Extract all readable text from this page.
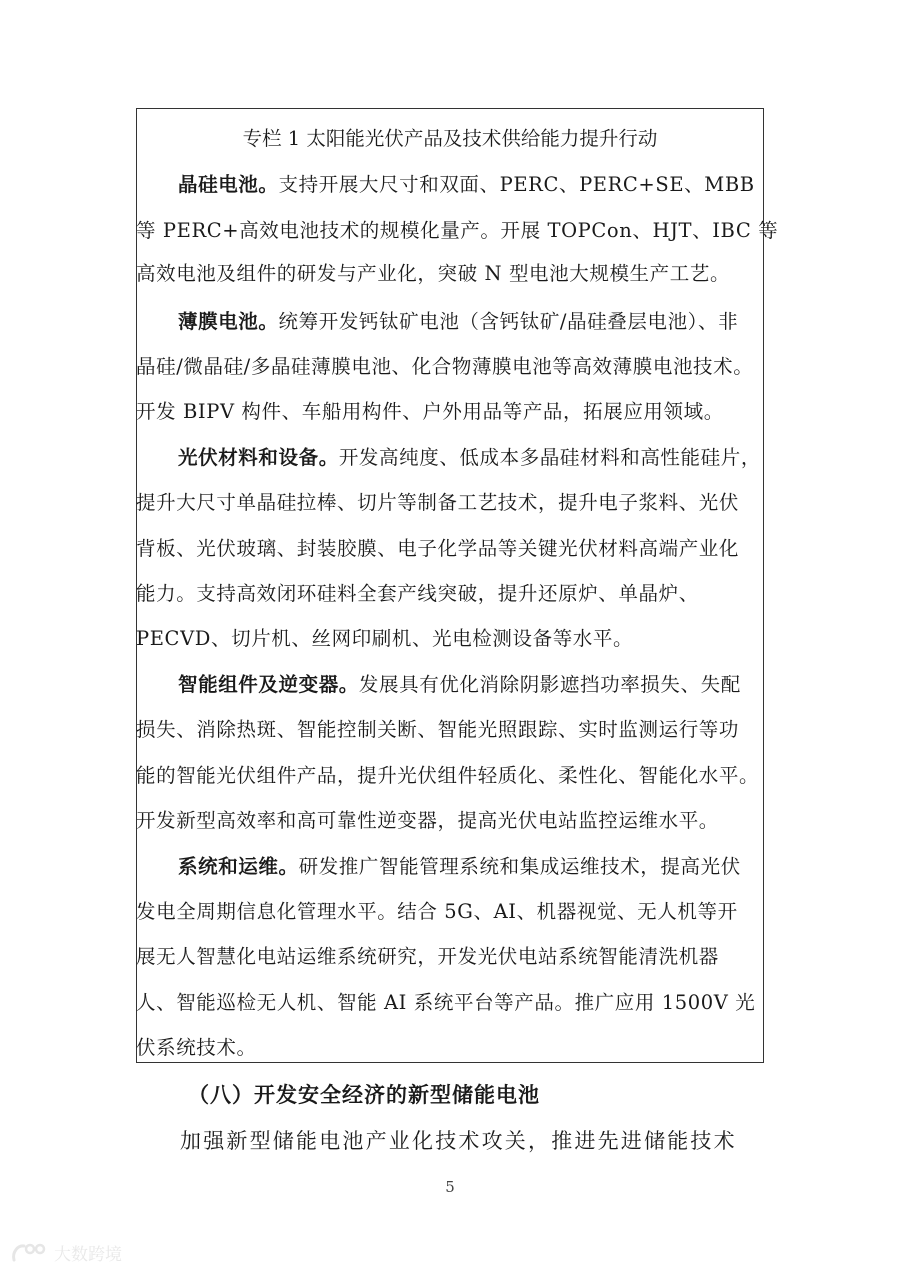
专栏 1 太阳能光伏产品及技术供给能力提升行动
晶硅电池。支持开展大尺寸和双面、PERC、PERC+SE、MBB
等 PERC+高效电池技术的规模化量产。开展 TOPCon、HJT、IBC 等
高效电池及组件的研发与产业化，突破 N 型电池大规模生产工艺。
薄膜电池。统筹开发钙钛矿电池（含钙钛矿/晶硅叠层电池）、非
晶硅/微晶硅/多晶硅薄膜电池、化合物薄膜电池等高效薄膜电池技术。
开发 BIPV 构件、车船用构件、户外用品等产品，拓展应用领域。
光伏材料和设备。开发高纯度、低成本多晶硅材料和高性能硅片，
提升大尺寸单晶硅拉棒、切片等制备工艺技术，提升电子浆料、光伏
背板、光伏玻璃、封装胶膜、电子化学品等关键光伏材料高端产业化
能力。支持高效闭环硅料全套产线突破，提升还原炉、单晶炉、
PECVD、切片机、丝网印刷机、光电检测设备等水平。
智能组件及逆变器。发展具有优化消除阴影遮挡功率损失、失配
损失、消除热斑、智能控制关断、智能光照跟踪、实时监测运行等功
能的智能光伏组件产品，提升光伏组件轻质化、柔性化、智能化水平。
开发新型高效率和高可靠性逆变器，提高光伏电站监控运维水平。
系统和运维。研发推广智能管理系统和集成运维技术，提高光伏
发电全周期信息化管理水平。结合 5G、AI、机器视觉、无人机等开
展无人智慧化电站运维系统研究，开发光伏电站系统智能清洗机器
人、智能巡检无人机、智能 AI 系统平台等产品。推广应用 1500V 光
伏系统技术。
（八）开发安全经济的新型储能电池
加强新型储能电池产业化技术攻关，推进先进储能技术
5
大数跨境
